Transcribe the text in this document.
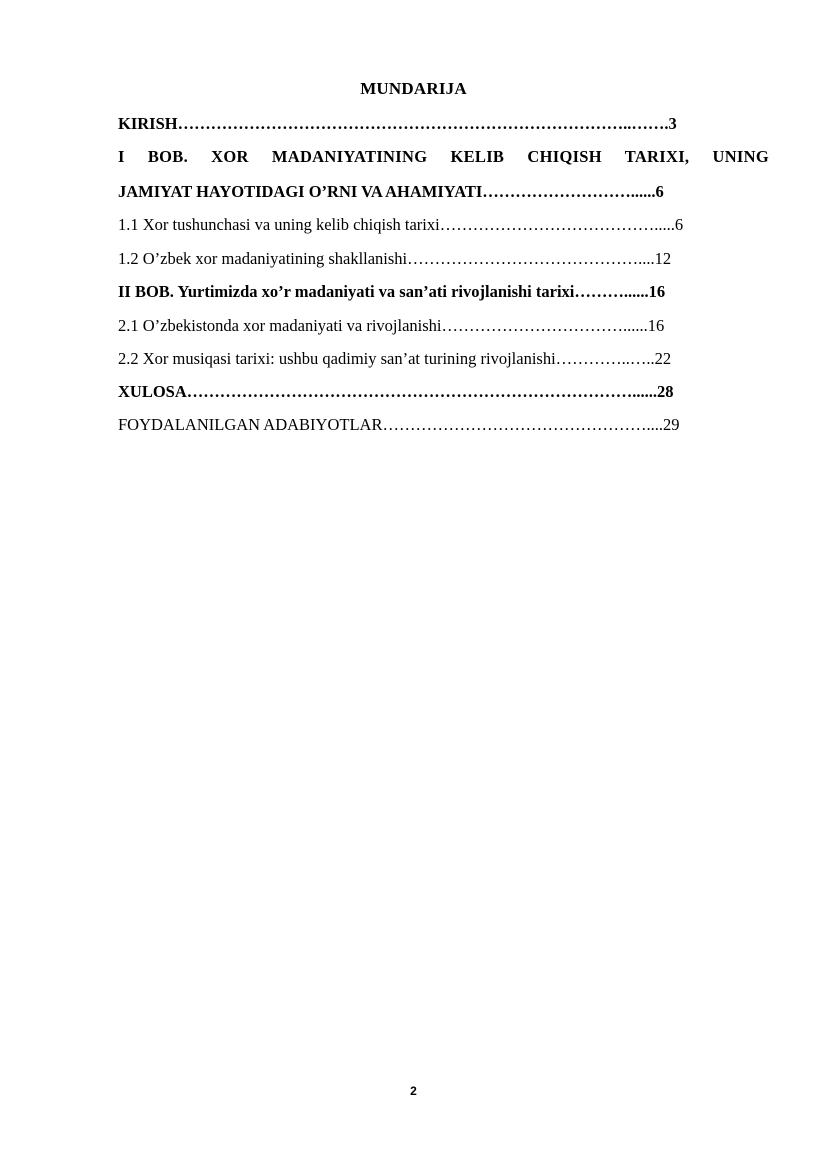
MUNDARIJA
KIRISH………………………………………………………………………..…….3
I BOB. XOR MADANIYATINING KELIB CHIQISH TARIXI, UNING
JAMIYAT HAYOTIDAGI O’RNI VA AHAMIYATI………………………......6
1.1 Xor tushunchasi va uning kelib chiqish tarixi………………………………….....6
1.2 O’zbek xor madaniyatining shakllanishi……………………………………....12
II BOB. Yurtimizda xo’r madaniyati va san’ati rivojlanishi tarixi………......16
2.1 O’zbekistonda xor madaniyati va rivojlanishi……………………………......16
2.2 Xor musiqasi tarixi: ushbu qadimiy san’at turining rivojlanishi…………..…..22
XULOSA………………………………………………………………………......28
FOYDALANILGAN ADABIYOTLAR…………………………………………....29
2
